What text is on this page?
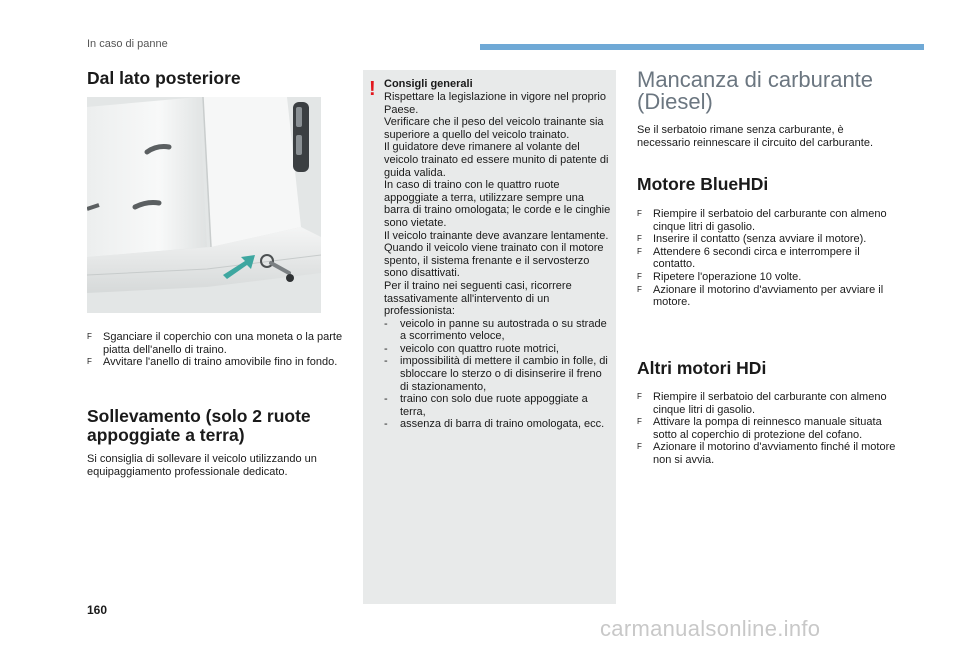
In caso di panne
Dal lato posteriore
F Sganciare il coperchio con una moneta o la parte piatta dell'anello di traino.
F Avvitare l'anello di traino amovibile fino in fondo.
Sollevamento (solo 2 ruote
appoggiate a terra)
Si consiglia di sollevare il veicolo utilizzando un equipaggiamento professionale dedicato.
! Consigli generali
Rispettare la legislazione in vigore nel proprio Paese.
Verificare che il peso del veicolo trainante sia superiore a quello del veicolo trainato.
Il guidatore deve rimanere al volante del veicolo trainato ed essere munito di patente di guida valida.
In caso di traino con le quattro ruote appoggiate a terra, utilizzare sempre una barra di traino omologata; le corde e le cinghie sono vietate.
Il veicolo trainante deve avanzare lentamente.
Quando il veicolo viene trainato con il motore spento, il sistema frenante e il servosterzo sono disattivati.
Per il traino nei seguenti casi, ricorrere tassativamente all'intervento di un professionista:
- veicolo in panne su autostrada o su strade a scorrimento veloce,
- veicolo con quattro ruote motrici,
- impossibilità di mettere il cambio in folle, di sbloccare lo sterzo o di disinserire il freno di stazionamento,
- traino con solo due ruote appoggiate a terra,
- assenza di barra di traino omologata, ecc.
Mancanza di carburante
(Diesel)
Se il serbatoio rimane senza carburante, è necessario reinnescare il circuito del carburante.
Motore BlueHDi
F Riempire il serbatoio del carburante con almeno cinque litri di gasolio.
F Inserire il contatto (senza avviare il motore).
F Attendere 6 secondi circa e interrompere il contatto.
F Ripetere l'operazione 10 volte.
F Azionare il motorino d'avviamento per avviare il motore.
Altri motori HDi
F Riempire il serbatoio del carburante con almeno cinque litri di gasolio.
F Attivare la pompa di reinnesco manuale situata sotto al coperchio di protezione del cofano.
F Azionare il motorino d'avviamento finché il motore non si avvia.
160
carmanualsonline.info
